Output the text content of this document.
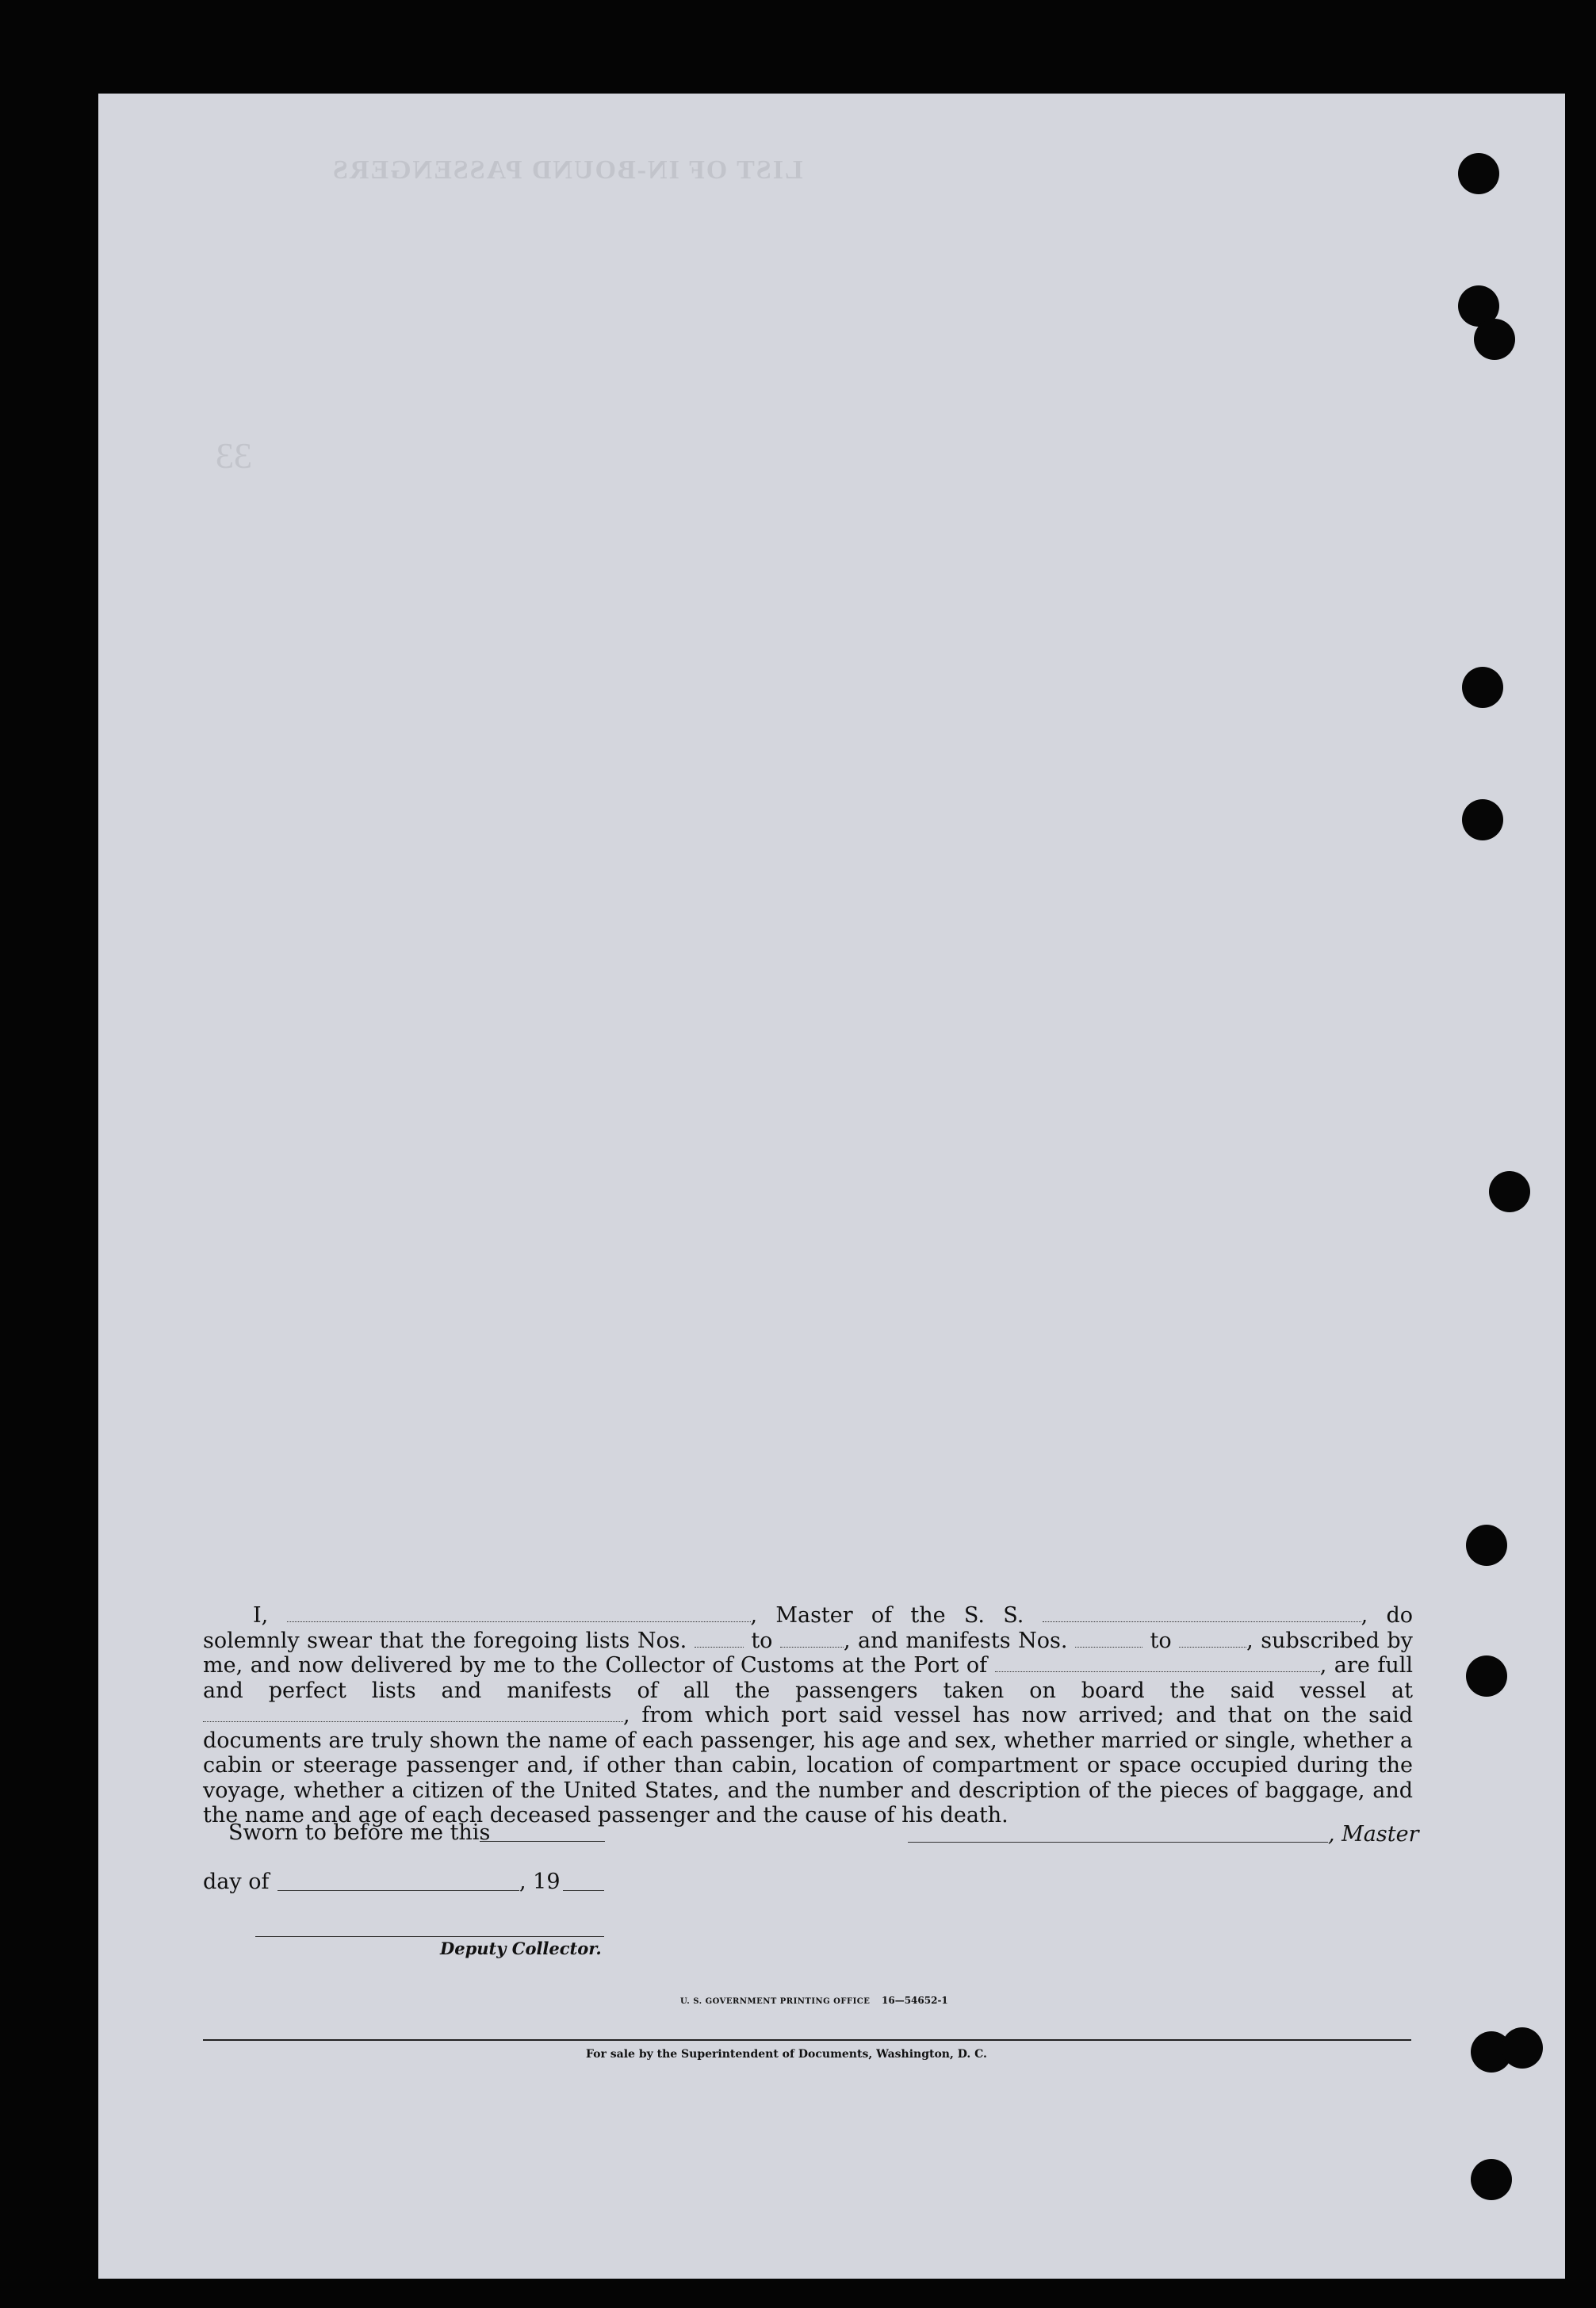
LIST OF IN-BOUND PASSENGERS
33

I,	, Master of the S. S.	, do solemnly swear that the foregoing lists Nos.	to	, and manifests Nos.	to	, subscribed by me, and now delivered by me to the Collector of Customs at the Port of	, are full and perfect lists and manifests of all the passengers taken on board the said vessel at , from which port said vessel has now arrived; and that on the said documents are truly shown the name of each passenger, his age and sex, whether married or single, whether a cabin or steerage passenger and, if other than cabin, location of compartment or space occupied during the voyage, whether a citizen of the United States, and the number and description of the pieces of baggage, and the name and age of each deceased passenger and the cause of his death.

Sworn to before me this	, Master
day of	, 19
Deputy Collector.
U. S. GOVERNMENT PRINTING OFFICE 16—54652-1
For sale by the Superintendent of Documents, Washington, D. C.
